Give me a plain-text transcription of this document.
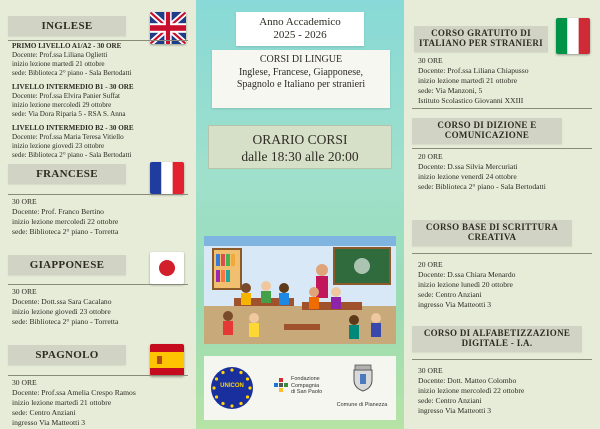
INGLESE
PRIMO LIVELLO A1/A2 - 30 ORE
Docente: Prof.ssa Liliana Oglietti
inizio lezione martedì 21 ottobre
sede: Biblioteca 2° piano - Sala Bertodatti
LIVELLO INTERMEDIO B1 - 30 ORE
Docente: Prof.ssa Elvira Panier Suffat
inizio lezione mercoledì 29 ottobre
sede: Via Dora Riparia 5 - RSA S. Anna
LIVELLO INTERMEDIO B2 - 30 ORE
Docente: Prof.ssa Maria Teresa Vitiello
inizio lezione giovedì 23 ottobre
sede: Biblioteca 2° piano - Sala Bertodatti
FRANCESE
30 ORE
Docente: Prof. Franco Bertino
inizio lezione mercoledì 22 ottobre
sede: Biblioteca 2° piano - Torretta
GIAPPONESE
30 ORE
Docente: Dott.ssa Sara Cacalano
inizio lezione giovedì 23 ottobre
sede: Biblioteca 2° piano - Torretta
SPAGNOLO
30 ORE
Docente: Prof.ssa Amelia Crespo Ramos
inizio lezione martedì 21 ottobre
sede: Centro Anziani
ingresso Via Matteotti 3
Anno Accademico
2025 - 2026
CORSI DI LINGUE
Inglese, Francese, Giapponese,
Spagnolo e Italiano per stranieri
ORARIO CORSI
dalle 18:30 alle 20:00
UNICON
Fondazione
Compagnia
di San Paolo
Comune di Pianezza
CORSO GRATUITO DI
ITALIANO PER STRANIERI
30 ORE
Docente: Prof.ssa Liliana Chiapusso
inizio lezione martedì 21 ottobre
sede: Via Manzoni, 5
Istituto Scolastico Giovanni XXIII
CORSO DI DIZIONE E
COMUNICAZIONE
20 ORE
Docente: D.ssa Silvia Mercuriati
inizio lezione venerdì 24 ottobre
sede: Biblioteca 2° piano - Sala Bertodatti
CORSO BASE DI SCRITTURA
CREATIVA
20 ORE
Docente: D.ssa Chiara Menardo
inizio lezione lunedì 20 ottobre
sede: Centro Anziani
ingresso Via Matteotti 3
CORSO DI ALFABETIZZAZIONE
DIGITALE - I.A.
30 ORE
Docente: Dott. Matteo Colombo
inizio lezione mercoledì 22 ottobre
sede: Centro Anziani
ingresso Via Matteotti 3
